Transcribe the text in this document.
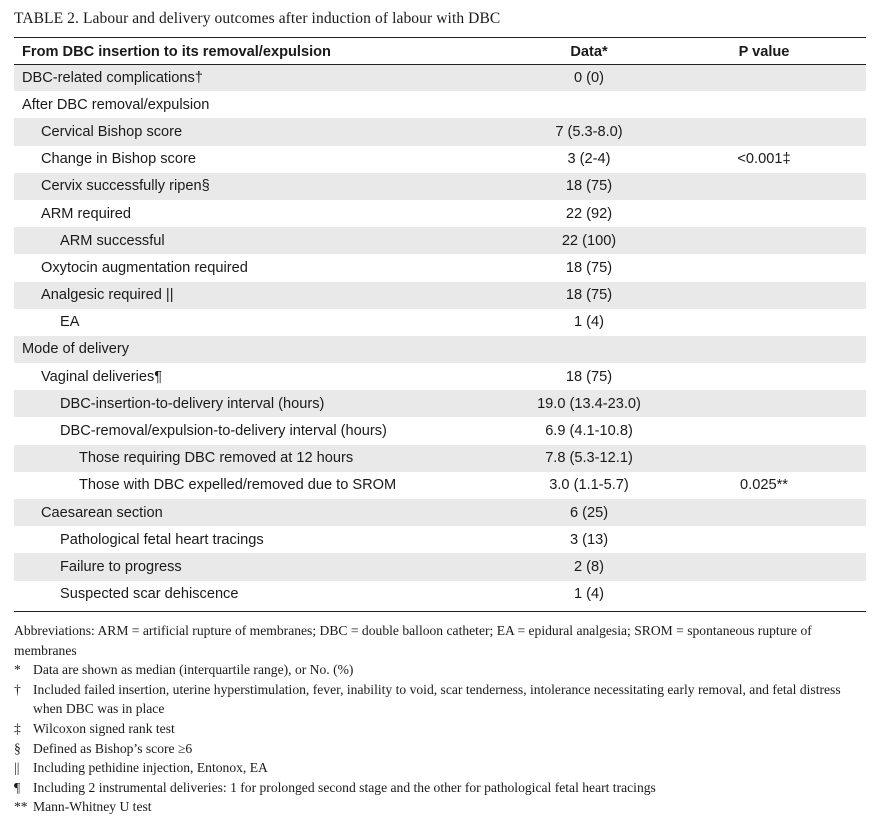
TABLE 2. Labour and delivery outcomes after induction of labour with DBC
From DBC insertion to its removal/expulsion	Data*	P value
DBC-related complications†	0 (0)
After DBC removal/expulsion
Cervical Bishop score	7 (5.3-8.0)
Change in Bishop score	3 (2-4)	<0.001‡
Cervix successfully ripen§	18 (75)
ARM required	22 (92)
ARM successful	22 (100)
Oxytocin augmentation required	18 (75)
Analgesic required ||	18 (75)
EA	1 (4)
Mode of delivery
Vaginal deliveries¶	18 (75)
DBC-insertion-to-delivery interval (hours)	19.0 (13.4-23.0)
DBC-removal/expulsion-to-delivery interval (hours)	6.9 (4.1-10.8)
Those requiring DBC removed at 12 hours	7.8 (5.3-12.1)
Those with DBC expelled/removed due to SROM	3.0 (1.1-5.7)	0.025**
Caesarean section	6 (25)
Pathological fetal heart tracings	3 (13)
Failure to progress	2 (8)
Suspected scar dehiscence	1 (4)
Abbreviations: ARM = artificial rupture of membranes; DBC = double balloon catheter; EA = epidural analgesia; SROM = spontaneous rupture of membranes
* Data are shown as median (interquartile range), or No. (%)
† Included failed insertion, uterine hyperstimulation, fever, inability to void, scar tenderness, intolerance necessitating early removal, and fetal distress when DBC was in place
‡ Wilcoxon signed rank test
§ Defined as Bishop’s score ≥6
|| Including pethidine injection, Entonox, EA
¶ Including 2 instrumental deliveries: 1 for prolonged second stage and the other for pathological fetal heart tracings
** Mann-Whitney U test
